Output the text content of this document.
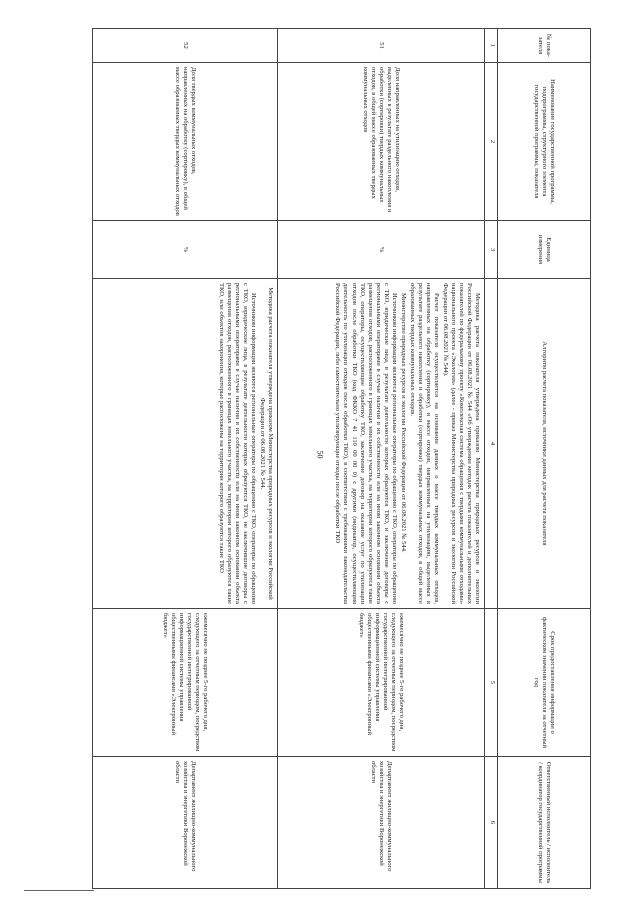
50
№ пока-зателя	Наименование государственной программы, подпрограммы, структурного элемента государственной программы, показателя	Единица измерения	Алгоритм расчета показателя, источники данных для расчета показателя	Срок предоставления информации о фактическом значении показателя за отчетный год	Ответственный исполнитель / исполнитель / координатор государственной программы
1	2	3	4	5	6
51	Доля направленных на утилизацию отходов, выделенных в результате раздельного накопления и обработки (сортировки) твердых коммунальных отходов, в общей массе образованных твердых коммунальных отходов	%	Методика расчета показателя утверждена приказом Министерства природных ресурсов и экологии Российской Федерации от 06.08.2021 № 544 «Об утверждении методик расчета показателей и дополнительных показателей по федеральному проекту «Комплексная система обращения с твердыми коммунальными отходами» национального проекта «Экология» (далее - приказ Министерства природных ресурсов и экологии Российской Федерации от 06.08.2021 № 544).

Расчет показателя осуществляется на основании данных о массе твердых коммунальных отходов, направленных на обработку (сортировку), и массе отходов, направленных на утилизацию, выделенных в результате раздельного накопления и обработки (сортировки) твердых коммунальных отходов, в общей массе образованных твердых коммунальных отходов.

Министерство природных ресурсов и экологии Российской Федерации от 06.08.2021 № 544.

Источником информации являются региональные операторы по обращению с ТКО, операторы по обращению с ТКО, юридические лица, в результате деятельности которых образуются ТКО, и заключение договоры с региональными операторами в случае наличия в их собственности или на ином законном основании объекта размещения отходов, расположенного в границах земельного участка, на территории которого образуются такие ТКО, операторы, осуществляющие обработку ТКО, заключение договор на оказание услуг по утилизации отходов после обработки ТКО (код ФККО 7 41 110 00 00 0) с другими (индикатор, осуществляющим деятельность по утилизации отходов после обработки ТКО), в соответствии с требованиями законодательства Российской Федерации, либо самостоятельно утилизирующие отходы после обработки ТКО	ежемесячно не позднее 5-го рабочего дня, следующего за отчетным периодом, посредством государственной интегрированной информационной системы управления общественными финансами «Электронный бюджет»	Департамент жилищно-коммунального хозяйства и энергетики Воронежской области
52	Доля твердых коммунальных отходов, направленных на обработку (сортировку), в общей массе образованных твердых коммунальных отходов	%	Методика расчета показателя утверждена приказом Министерства природных ресурсов и экологии Российской Федерации от 06.08.2021 № 544.

Источником информации являются региональные операторы по обращению с ТКО, операторы по обращению с ТКО, юридические лица, в результате деятельности которых образуются ТКО, не заключившие договоры с региональными операторами в случае наличия в их собственности или на ином законном основании объекта размещения отходов, расположенного в границах земельного участка, на территории которого образуются такие ТКО, или объектов захоронения, которые расположены на территории которого образуются такие ТКО	ежемесячно не позднее 5-го рабочего дня, следующего за отчетным периодом, посредством государственной интегрированной информационной системы управления общественными финансами «Электронный бюджет»	Департамент жилищно-коммунального хозяйства и энергетики Воронежской области
